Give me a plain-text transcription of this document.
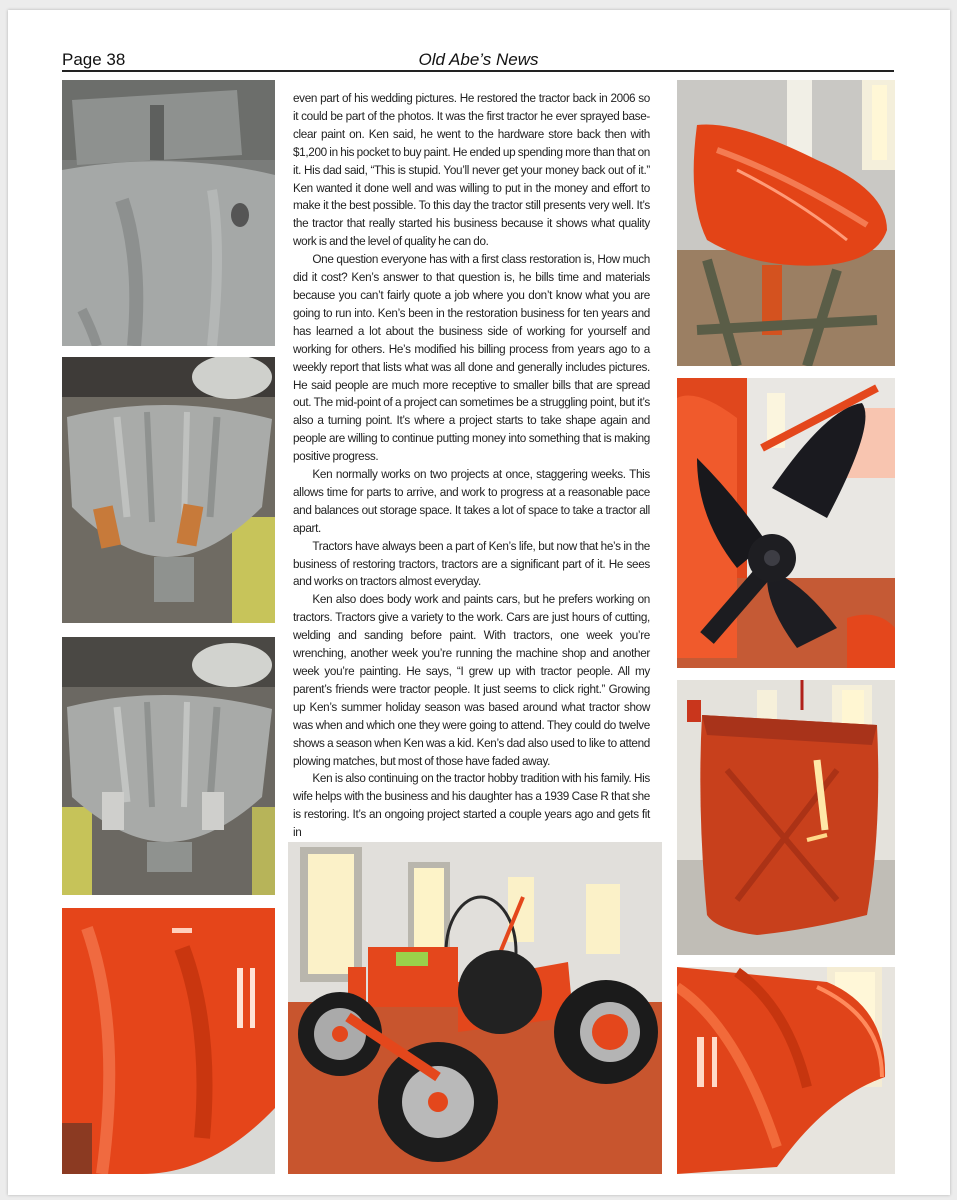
Page 38	Old Abe’s News

even part of his wedding pictures. He restored the tractor back in 2006 so it could be part of the photos. It was the first tractor he ever sprayed base-clear paint on. Ken said, he went to the hardware store back then with $1,200 in his pocket to buy paint. He ended up spending more than that on it. His dad said, “This is stupid. You’ll never get your money back out of it.” Ken wanted it done well and was willing to put in the money and effort to make it the best possible. To this day the tractor still presents very well. It’s the tractor that really started his business because it shows what quality work is and the level of quality he can do.

One question everyone has with a first class restoration is, How much did it cost? Ken’s answer to that question is, he bills time and materials because you can’t fairly quote a job where you don’t know what you are going to run into. Ken’s been in the restoration business for ten years and has learned a lot about the business side of working for yourself and working for others. He’s modified his billing process from years ago to a weekly report that lists what was all done and generally includes pictures. He said people are much more receptive to smaller bills that are spread out. The mid-point of a project can sometimes be a struggling point, but it’s also a turning point. It’s where a project starts to take shape again and people are willing to continue putting money into something that is making positive progress.

Ken normally works on two projects at once, staggering weeks. This allows time for parts to arrive, and work to progress at a reasonable pace and balances out storage space. It takes a lot of space to take a tractor all apart.

Tractors have always been a part of Ken’s life, but now that he’s in the business of restoring tractors, tractors are a significant part of it. He sees and works on tractors almost everyday.

Ken also does body work and paints cars, but he prefers working on tractors. Tractors give a variety to the work. Cars are just hours of cutting, welding and sanding before paint. With tractors, one week you’re wrenching, another week you’re running the machine shop and another week you’re painting. He says, “I grew up with tractor people. All my parent’s friends were tractor people. It just seems to click right.” Growing up Ken’s summer holiday season was based around what tractor show was when and which one they were going to attend. They could do twelve shows a season when Ken was a kid. Ken’s dad also used to like to attend plowing matches, but most of those have faded away.

Ken is also continuing on the tractor hobby tradition with his family. His wife helps with the business and his daughter has a 1939 Case R that she is restoring. It’s an ongoing project started a couple years ago and gets fit in
